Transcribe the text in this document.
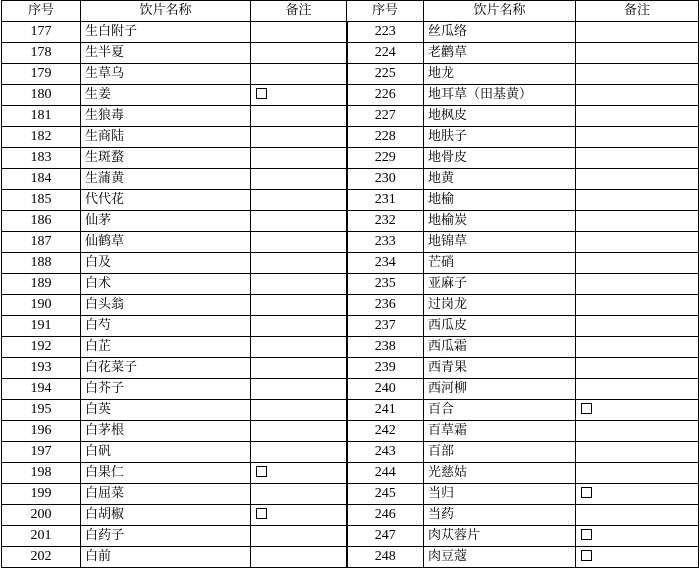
序号	饮片名称	备注	序号	饮片名称	备注
177	生白附子		223	丝瓜络	
178	生半夏		224	老鹳草	
179	生草乌		225	地龙	
180	生姜		226	地耳草（田基黄）	
181	生狼毒		227	地枫皮	
182	生商陆		228	地肤子	
183	生斑蝥		229	地骨皮	
184	生蒲黄		230	地黄	
185	代代花		231	地榆	
186	仙茅		232	地榆炭	
187	仙鹤草		233	地锦草	
188	白及		234	芒硝	
189	白术		235	亚麻子	
190	白头翁		236	过岗龙	
191	白芍		237	西瓜皮	
192	白芷		238	西瓜霜	
193	白花菜子		239	西青果	
194	白芥子		240	西河柳	
195	白英		241	百合	
196	白茅根		242	百草霜	
197	白矾		243	百部	
198	白果仁		244	光慈姑	
199	白屈菜		245	当归	
200	白胡椒		246	当药	
201	白药子		247	肉苁蓉片	
202	白前		248	肉豆蔻	
